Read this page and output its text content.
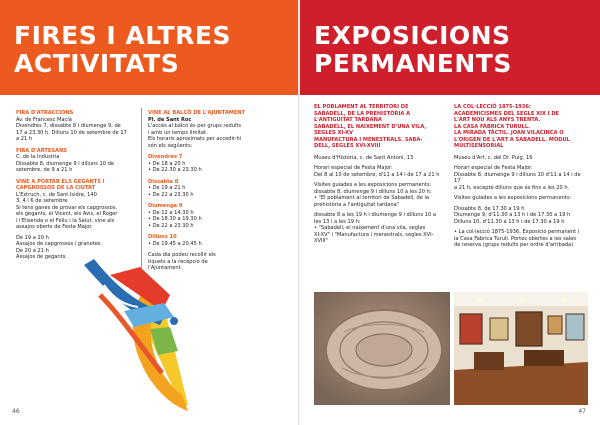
FIRES I ALTRES
ACTIVITATS

FIRA D'ATRACCIONS

Av. de Francesc Macià

Divendres 7, dissabte 8 i diumenge 9, de

17 a 23.30 h. Dilluns 10 de setembre de 17

a 21 h

FIRA D'ARTESANS

C. de la Indústria

Dissabte 8, diumenge 9 i dilluns 10 de

setembre, de 9 a 21 h

VINE A PORTAR ELS GEGANTS I

CAPGROSSOS DE LA CIUTAT

L'Estruch, c. de Sant Isidre, 140

3, 4 i 6 de setembre

Si tens ganes de provar els capgrossos,

els gegants, el Vicent, els Avis, el Roger

i l'Elisenda o el Feliu i la Salut, vine als

assajos oberts de Festa Major.

De 19 a 20 h

Assajos de capgrossos i granotes.

De 20 a 21 h

Assajos de gegants.

VINE AL BALCÓ DE L'AJUNTAMENT

Pl. de Sant Roc

L'accés al balcó és per grups reduïts

i amb un temps limitat.

Els horaris aproximats per accedir-hi

són els següents:

Divendres 7

• De 18 a 20 h

• De 22.30 a 23.30 h

Dissabte 8

• De 19 a 21 h

• De 22 a 23.30 h

Diumenge 9

• De 12 a 14.30 h

• De 18.30 a 19.30 h

• De 22 a 23.30 h

Dilluns 10

• De 19.45 a 20.45 h

Cada dia podeu recollir els

tiquets a la recepció de

l'Ajuntament.

46
EXPOSICIONS
PERMANENTS

EL POBLAMENT AL TERRITORI DE

SABADELL, DE LA PREHISTÒRIA A

L'ANTIGUITAT TARDANA

SABADELL, EL NAIXEMENT D'UNA VILA,

SEGLES XI-XV

MANUFACTURA I MENESTRALS. SABA-

DELL, SEGLES XVI-XVIII

Museu d'Història, c. de Sant Antoni, 13

Horari especial de Festa Major:

Del 8 al 10 de setembre, d'11 a 14 i de 17 a 21 h

Visites guiades a les exposicions permanents:

dissabte 8, diumenge 9 i dilluns 10 a les 20 h:

• "El poblament al territori de Sabadell, de la

prehistòria a l'antiguitat tardana"

dissabte 8 a les 19 h i diumenge 9 i dilluns 10 a

les 13 i a les 19 h:

• "Sabadell, el naixement d'una vila, segles

XI-XV" i "Manufactura i menestrals, segles XVI-

XVIII"

LA COL·LECCIÓ 1875-1936:

ACADEMICISMES DEL SEGLE XIX I DE

L'ART NOU ALS ANYS TRENTA.

LA CASA FÀBRICA TURULL.

LA MIRADA TÀCTIL. JOAN VILACINCA O

L'ORIGEN DE L'ART A SABADELL. MÒDUL

MULTISENSORIAL

Museu d'Art, c. del Dr. Puig, 16

Horari especial de Festa Major:

Dissabte 8, diumenge 9 i dilluns 10 d'11 a 14 i de 17

a 21 h, excepte dilluns que és fins a les 20 h.

Visites guiades a les exposicions permanents:

Dissabte 8, de 17.30 a 19 h

Diumenge 9, d'11.30 a 13 h i de 17.30 a 19 h

Dilluns 10, d'11.30 a 13 h i de 17.30 a 19 h

• La col·lecció 1875-1936. Exposició permanent i

la Casa Fàbrica Turull. Portes obertes a les sales

de reserva (grups reduïts per ordre d'arribada).

47
